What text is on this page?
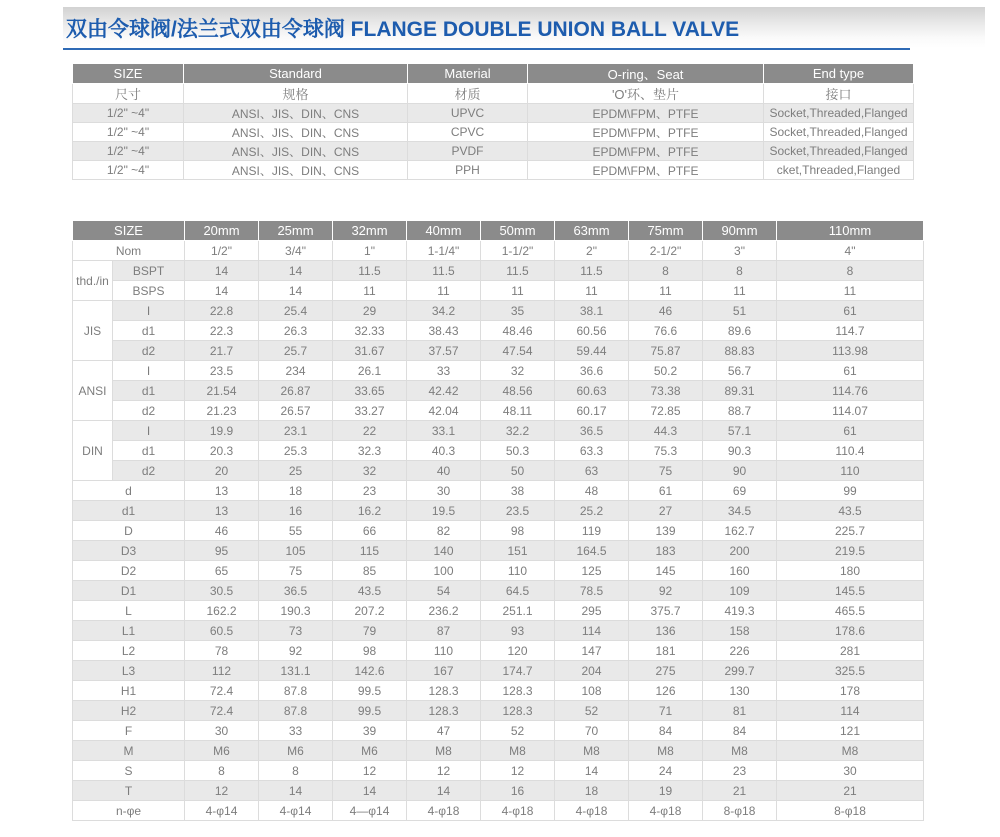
双由令球阀/法兰式双由令球阀 FLANGE DOUBLE UNION BALL VALVE
SIZE	Standard	Material	O-ring、Seat	End type
尺寸	规格	材质	'O'环、垫片	接口
1/2" ~4"	ANSI、JIS、DIN、CNS	UPVC	EPDM\FPM、PTFE	Socket,Threaded,Flanged
1/2" ~4"	ANSI、JIS、DIN、CNS	CPVC	EPDM\FPM、PTFE	Socket,Threaded,Flanged
1/2" ~4"	ANSI、JIS、DIN、CNS	PVDF	EPDM\FPM、PTFE	Socket,Threaded,Flanged
1/2" ~4"	ANSI、JIS、DIN、CNS	PPH	EPDM\FPM、PTFE	cket,Threaded,Flanged
SIZE		20mm	25mm	32mm	40mm	50mm	63mm	75mm	90mm	110mm
Nom		1/2"	3/4"	1"	1-1/4"	1-1/2"	2"	2-1/2"	3"	4"
thd./in	BSPT	14	14	11.5	11.5	11.5	11.5	8	8	8
	BSPS	14	14	11	11	11	11	11	11	11
JIS	I	22.8	25.4	29	34.2	35	38.1	46	51	61
	d1	22.3	26.3	32.33	38.43	48.46	60.56	76.6	89.6	114.7
	d2	21.7	25.7	31.67	37.57	47.54	59.44	75.87	88.83	113.98
ANSI	I	23.5	234	26.1	33	32	36.6	50.2	56.7	61
	d1	21.54	26.87	33.65	42.42	48.56	60.63	73.38	89.31	114.76
	d2	21.23	26.57	33.27	42.04	48.11	60.17	72.85	88.7	114.07
DIN	I	19.9	23.1	22	33.1	32.2	36.5	44.3	57.1	61
	d1	20.3	25.3	32.3	40.3	50.3	63.3	75.3	90.3	110.4
	d2	20	25	32	40	50	63	75	90	110
d		13	18	23	30	38	48	61	69	99
d1		13	16	16.2	19.5	23.5	25.2	27	34.5	43.5
D		46	55	66	82	98	119	139	162.7	225.7
D3		95	105	115	140	151	164.5	183	200	219.5
D2		65	75	85	100	110	125	145	160	180
D1		30.5	36.5	43.5	54	64.5	78.5	92	109	145.5
L		162.2	190.3	207.2	236.2	251.1	295	375.7	419.3	465.5
L1		60.5	73	79	87	93	114	136	158	178.6
L2		78	92	98	110	120	147	181	226	281
L3		112	131.1	142.6	167	174.7	204	275	299.7	325.5
H1		72.4	87.8	99.5	128.3	128.3	108	126	130	178
H2		72.4	87.8	99.5	128.3	128.3	52	71	81	114
F		30	33	39	47	52	70	84	84	121
M		M6	M6	M6	M8	M8	M8	M8	M8	M8
S		8	8	12	12	12	14	24	23	30
T		12	14	14	14	16	18	19	21	21
n-φe		4-φ14	4-φ14	4—φ14	4-φ18	4-φ18	4-φ18	4-φ18	8-φ18	8-φ18
